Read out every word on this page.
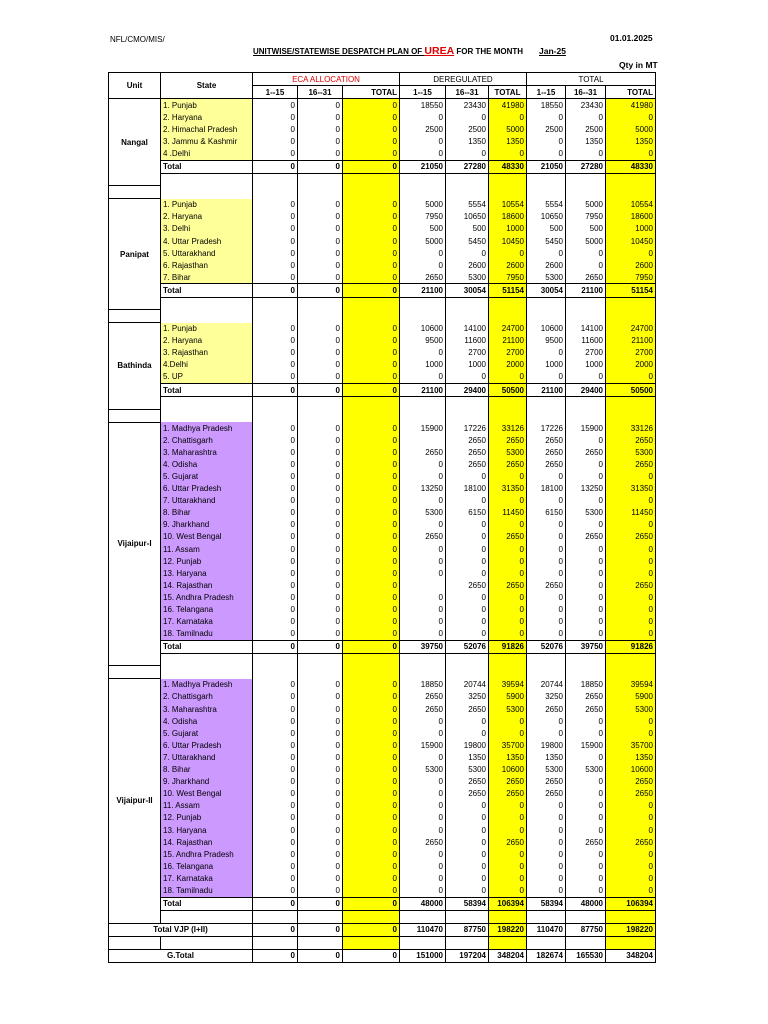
NFL/CMO/MIS/	01.01.2025
UNITWISE/STATEWISE DESPATCH PLAN OF UREA FOR THE MONTH Jan-25
Qty in MT
Unit	State	ECA ALLOCATION			DEREGULATED			TOTAL		
		1--15	16--31	TOTAL	1--15	16--31	TOTAL	1--15	16--31	TOTAL
Nangal	1. Punjab	0	0	0	18550	23430	41980	18550	23430	41980
	2. Haryana	0	0	0	0	0	0	0	0	0
	2. Himachal Pradesh	0	0	0	2500	2500	5000	2500	2500	5000
	3. Jammu & Kashmir	0	0	0	0	1350	1350	0	1350	1350
	4 .Delhi	0	0	0	0	0	0	0	0	0
	Total	0	0	0	21050	27280	48330	21050	27280	48330

Panipat	1. Punjab	0	0	0	5000	5554	10554	5554	5000	10554
	2. Haryana	0	0	0	7950	10650	18600	10650	7950	18600
	3. Delhi	0	0	0	500	500	1000	500	500	1000
	4. Uttar Pradesh	0	0	0	5000	5450	10450	5450	5000	10450
	5. Uttarakhand	0	0	0	0	0	0	0	0	0
	6. Rajasthan	0	0	0	0	2600	2600	2600	0	2600
	7. Bihar	0	0	0	2650	5300	7950	5300	2650	7950
	Total	0	0	0	21100	30054	51154	30054	21100	51154

Bathinda	1. Punjab	0	0	0	10600	14100	24700	10600	14100	24700
	2. Haryana	0	0	0	9500	11600	21100	9500	11600	21100
	3. Rajasthan	0	0	0	0	2700	2700	0	2700	2700
	4.Delhi	0	0	0	1000	1000	2000	1000	1000	2000
	5. UP	0	0	0	0	0	0	0	0	0
	Total	0	0	0	21100	29400	50500	21100	29400	50500

Vijaipur-I	1. Madhya Pradesh	0	0	0	15900	17226	33126	17226	15900	33126
	2. Chattisgarh	0	0	0		2650	2650	2650	0	2650
	3. Maharashtra	0	0	0	2650	2650	5300	2650	2650	5300
	4. Odisha	0	0	0	0	2650	2650	2650	0	2650
	5. Gujarat	0	0	0	0	0	0	0	0	0
	6. Uttar Pradesh	0	0	0	13250	18100	31350	18100	13250	31350
	7. Uttarakhand	0	0	0	0	0	0	0	0	0
	8. Bihar	0	0	0	5300	6150	11450	6150	5300	11450
	9. Jharkhand	0	0	0	0	0	0	0	0	0
	10. West Bengal	0	0	0	2650	0	2650	0	2650	2650
	11. Assam	0	0	0	0	0	0	0	0	0
	12. Punjab	0	0	0	0	0	0	0	0	0
	13. Haryana	0	0	0	0	0	0	0	0	0
	14. Rajasthan	0	0	0		2650	2650	2650	0	2650
	15. Andhra Pradesh	0	0	0	0	0	0	0	0	0
	16. Telangana	0	0	0	0	0	0	0	0	0
	17. Karnataka	0	0	0	0	0	0	0	0	0
	18. Tamilnadu	0	0	0	0	0	0	0	0	0
	Total	0	0	0	39750	52076	91826	52076	39750	91826

Vijaipur-II	1. Madhya Pradesh	0	0	0	18850	20744	39594	20744	18850	39594
	2. Chattisgarh	0	0	0	2650	3250	5900	3250	2650	5900
	3. Maharashtra	0	0	0	2650	2650	5300	2650	2650	5300
	4. Odisha	0	0	0	0	0	0	0	0	0
	5. Gujarat	0	0	0	0	0	0	0	0	0
	6. Uttar Pradesh	0	0	0	15900	19800	35700	19800	15900	35700
	7. Uttarakhand	0	0	0	0	1350	1350	1350	0	1350
	8. Bihar	0	0	0	5300	5300	10600	5300	5300	10600
	9. Jharkhand	0	0	0	0	2650	2650	2650	0	2650
	10. West Bengal	0	0	0	0	2650	2650	2650	0	2650
	11. Assam	0	0	0	0	0	0	0	0	0
	12. Punjab	0	0	0	0	0	0	0	0	0
	13. Haryana	0	0	0	0	0	0	0	0	0
	14. Rajasthan	0	0	0	2650	0	2650	0	2650	2650
	15. Andhra Pradesh	0	0	0	0	0	0	0	0	0
	16. Telangana	0	0	0	0	0	0	0	0	0
	17. Karnataka	0	0	0	0	0	0	0	0	0
	18. Tamilnadu	0	0	0	0	0	0	0	0	0
	Total	0	0	0	48000	58394	106394	58394	48000	106394

Total VJP (I+II)		0	0	0	110470	87750	198220	110470	87750	198220

G.Total		0	0	0	151000	197204	348204	182674	165530	348204
